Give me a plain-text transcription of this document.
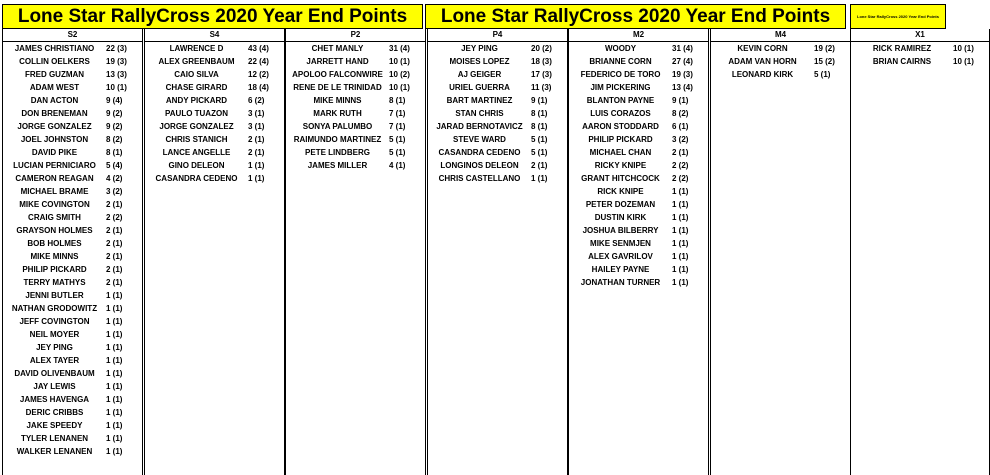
Lone Star RallyCross 2020 Year End Points	Lone Star RallyCross 2020 Year End Points	Lone Star RallyCross 2020 Year End Points
S2
JAMES CHRISTIANO	22 (3)
COLLIN OELKERS	19 (3)
FRED GUZMAN	13 (3)
ADAM WEST	10 (1)
DAN ACTON	9 (4)
DON BRENEMAN	9 (2)
JORGE GONZALEZ	9 (2)
JOEL JOHNSTON	8 (2)
DAVID PIKE	8 (1)
LUCIAN PERNICIARO	5 (4)
CAMERON REAGAN	4 (2)
MICHAEL BRAME	3 (2)
MIKE COVINGTON	2 (1)
CRAIG SMITH	2 (2)
GRAYSON HOLMES	2 (1)
BOB HOLMES	2 (1)
MIKE MINNS	2 (1)
PHILIP PICKARD	2 (1)
TERRY MATHYS	2 (1)
JENNI BUTLER	1 (1)
NATHAN GRODOWITZ	1 (1)
JEFF COVINGTON	1 (1)
NEIL MOYER	1 (1)
JEY PING	1 (1)
ALEX TAYER	1 (1)
DAVID OLIVENBAUM	1 (1)
JAY LEWIS	1 (1)
JAMES HAVENGA	1 (1)
DERIC CRIBBS	1 (1)
JAKE SPEEDY	1 (1)
TYLER LENANEN	1 (1)
WALKER LENANEN	1 (1)
S4
LAWRENCE D	43 (4)
ALEX GREENBAUM	22 (4)
CAIO SILVA	12 (2)
CHASE GIRARD	18 (4)
ANDY PICKARD	6 (2)
PAULO TUAZON	3 (1)
JORGE GONZALEZ	3 (1)
CHRIS STANICH	2 (1)
LANCE ANGELLE	2 (1)
GINO DELEON	1 (1)
CASANDRA CEDENO	1 (1)
P2
CHET MANLY	31 (4)
JARRETT HAND	10 (1)
APOLOO FALCONWIRE 10 (2)
RENE DE LE TRINIDAD 10 (1)
MIKE MINNS	8 (1)
MARK RUTH	7 (1)
SONYA PALUMBO	7 (1)
RAIMUNDO MARTINEZ 5 (1)
PETE LINDBERG	5 (1)
JAMES MILLER	4 (1)
P4
JEY PING	20 (2)
MOISES LOPEZ	18 (3)
AJ GEIGER	17 (3)
URIEL GUERRA	11 (3)
BART MARTINEZ	9 (1)
STAN CHRIS	8 (1)
JARAD BERNOTAVICZ	8 (1)
STEVE WARD	5 (1)
CASANDRA CEDENO	5 (1)
LONGINOS DELEON	2 (1)
CHRIS CASTELLANO	1 (1)
M2
WOODY	31 (4)
BRIANNE CORN	27 (4)
FEDERICO DE TORO	19 (3)
JIM PICKERING	13 (4)
BLANTON PAYNE	9 (1)
LUIS CORAZOS	8 (2)
AARON STODDARD	6 (1)
PHILIP PICKARD	3 (2)
MICHAEL CHAN	2 (1)
RICKY KNIPE	2 (2)
GRANT HITCHCOCK	2 (2)
RICK KNIPE	1 (1)
PETER DOZEMAN	1 (1)
DUSTIN KIRK	1 (1)
JOSHUA BILBERRY	1 (1)
MIKE SENMJEN	1 (1)
ALEX GAVRILOV	1 (1)
HAILEY PAYNE	1 (1)
JONATHAN TURNER	1 (1)
M4
KEVIN CORN	19 (2)
ADAM VAN HORN	15 (2)
LEONARD KIRK	5 (1)
X1
RICK RAMIREZ	10 (1)
BRIAN CAIRNS	10 (1)
